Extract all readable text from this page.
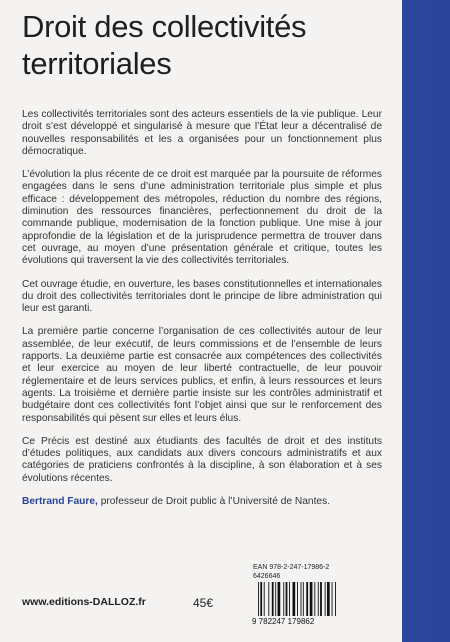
Droit des collectivités
territoriales

Les collectivités territoriales sont des acteurs essentiels de la vie publique. Leur droit s’est développé et singularisé à mesure que l’État leur a décentralisé de nouvelles responsabilités et les a organisées pour un fonctionnement plus démocratique.

L’évolution la plus récente de ce droit est marquée par la poursuite de réformes engagées dans le sens d’une administration territoriale plus simple et plus efficace : développement des métropoles, réduction du nombre des régions, diminution des ressources financières, perfectionnement du droit de la commande publique, modernisation de la fonction publique. Une mise à jour approfondie de la législation et de la jurisprudence permettra de trouver dans cet ouvrage, au moyen d’une présentation générale et critique, toutes les évolutions qui traversent la vie des collectivités territoriales.

Cet ouvrage étudie, en ouverture, les bases constitutionnelles et internationales du droit des collectivités territoriales dont le principe de libre administration qui leur est garanti.

La première partie concerne l’organisation de ces collectivités autour de leur assemblée, de leur exécutif, de leurs commissions et de l’ensemble de leurs rapports. La deuxième partie est consacrée aux compétences des collectivités et leur exercice au moyen de leur liberté contractuelle, de leur pouvoir réglementaire et de leurs services publics, et enfin, à leurs ressources et leurs agents. La troisième et dernière partie insiste sur les contrôles administratif et budgétaire dont ces collectivités font l’objet ainsi que sur le renforcement des responsabilités qui pèsent sur elles et leurs élus.

Ce Précis est destiné aux étudiants des facultés de droit et des instituts d’études politiques, aux candidats aux divers concours administratifs et aux catégories de praticiens confrontés à la discipline, à son élaboration et à ses évolutions récentes.

Bertrand Faure, professeur de Droit public à l’Université de Nantes.

EAN 978-2-247-17986-2
6426646
9 782247 179862
www.editions-DALLOZ.fr	45€
